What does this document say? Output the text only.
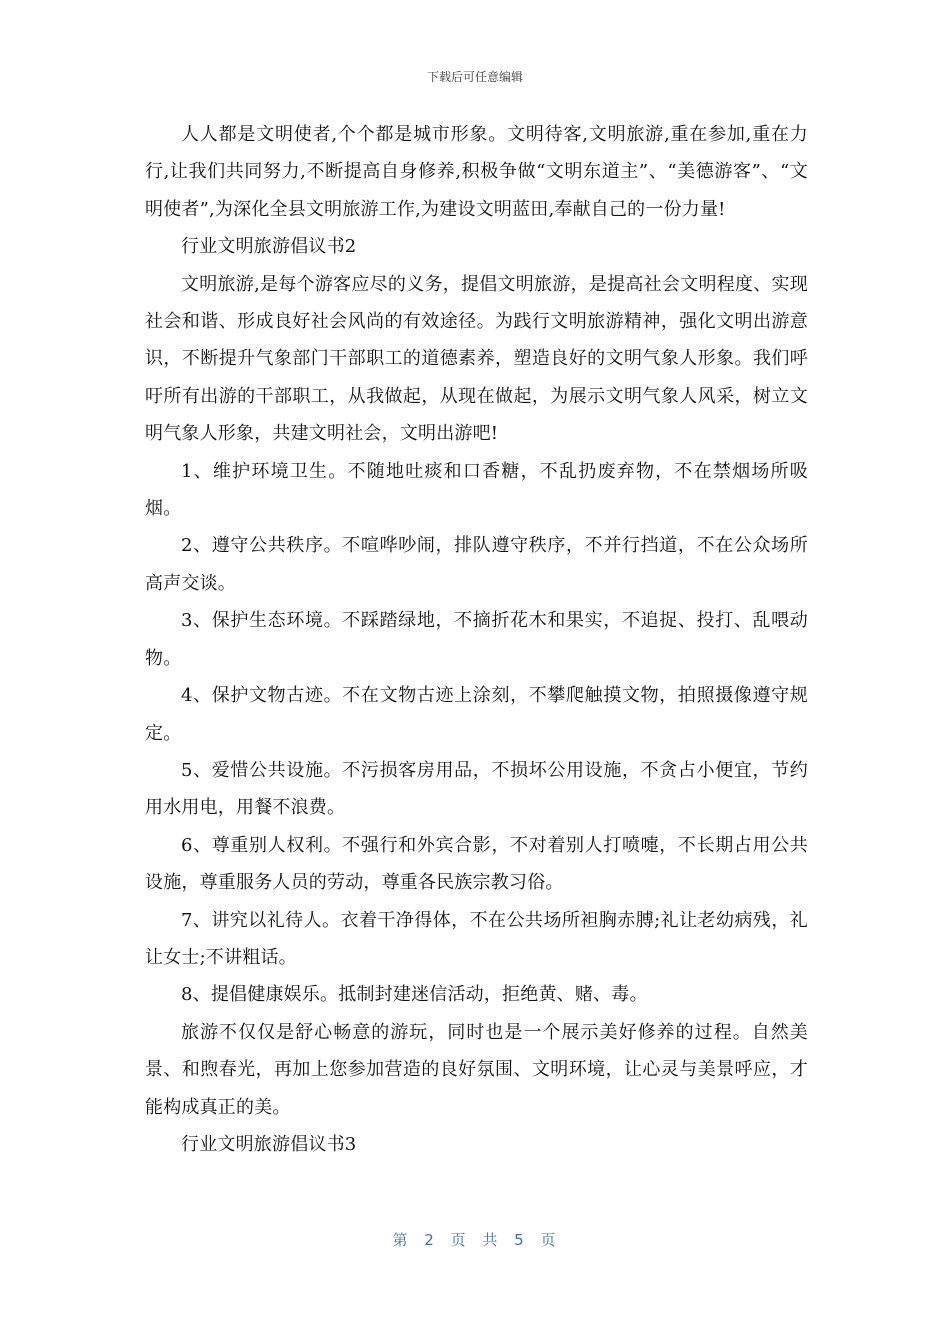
下载后可任意编辑

人人都是文明使者,个个都是城市形象。文明待客,文明旅游,重在参加,重在力行,让我们共同努力,不断提高自身修养,积极争做“文明东道主”、“美德游客”、“文明使者”,为深化全县文明旅游工作,为建设文明蓝田,奉献自己的一份力量!

行业文明旅游倡议书2

文明旅游,是每个游客应尽的义务，提倡文明旅游，是提高社会文明程度、实现社会和谐、形成良好社会风尚的有效途径。为践行文明旅游精神，强化文明出游意识，不断提升气象部门干部职工的道德素养，塑造良好的文明气象人形象。我们呼吁所有出游的干部职工，从我做起，从现在做起，为展示文明气象人风采，树立文明气象人形象，共建文明社会，文明出游吧!

1、维护环境卫生。不随地吐痰和口香糖，不乱扔废弃物，不在禁烟场所吸烟。

2、遵守公共秩序。不喧哗吵闹，排队遵守秩序，不并行挡道，不在公众场所高声交谈。

3、保护生态环境。不踩踏绿地，不摘折花木和果实，不追捉、投打、乱喂动物。

4、保护文物古迹。不在文物古迹上涂刻，不攀爬触摸文物，拍照摄像遵守规定。

5、爱惜公共设施。不污损客房用品，不损坏公用设施，不贪占小便宜，节约用水用电，用餐不浪费。

6、尊重别人权利。不强行和外宾合影，不对着别人打喷嚏，不长期占用公共设施，尊重服务人员的劳动，尊重各民族宗教习俗。

7、讲究以礼待人。衣着干净得体，不在公共场所袒胸赤膊;礼让老幼病残，礼让女士;不讲粗话。

8、提倡健康娱乐。抵制封建迷信活动，拒绝黄、赌、毒。

旅游不仅仅是舒心畅意的游玩，同时也是一个展示美好修养的过程。自然美景、和煦春光，再加上您参加营造的良好氛围、文明环境，让心灵与美景呼应，才能构成真正的美。

行业文明旅游倡议书3

第 2 页 共 5 页
